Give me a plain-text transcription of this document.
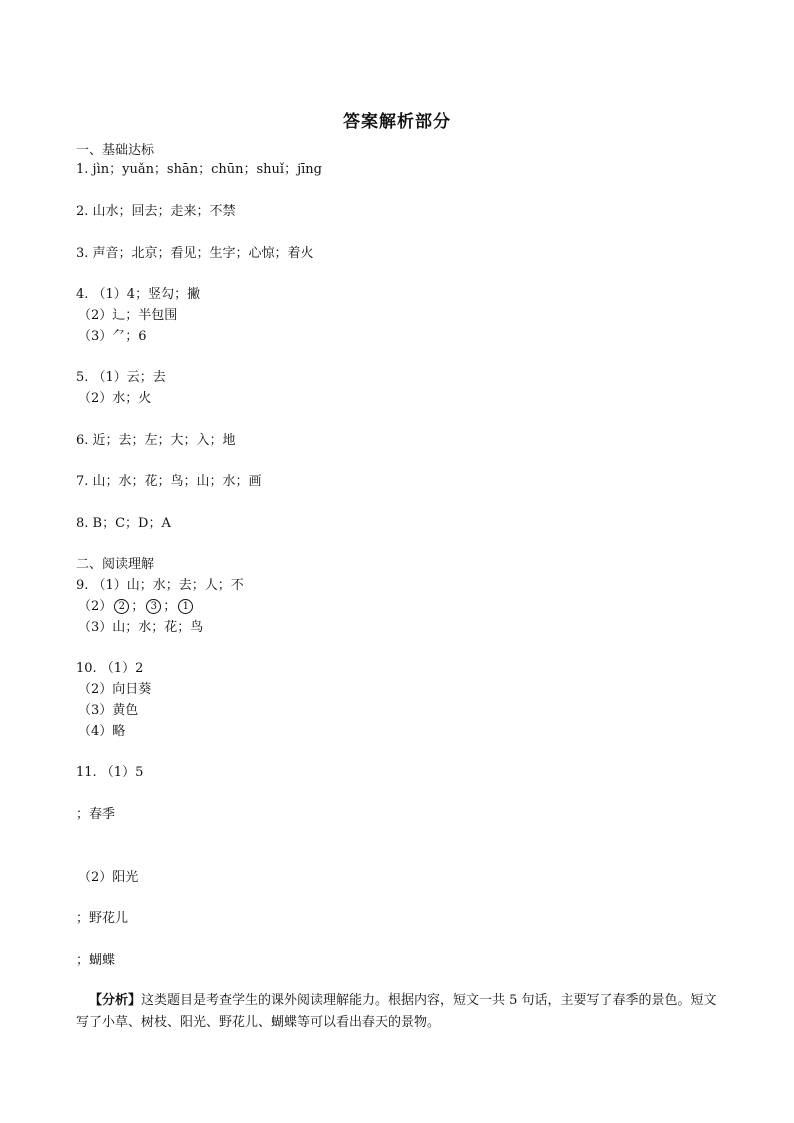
答案解析部分
一、基础达标
1. jìn；yuǎn；shān；chūn；shuǐ；jīng
2. 山水；回去；走来；不禁
3. 声音；北京；看见；生字；心惊；着火
4. （1）4；竖勾；撇
（2）辶；半包围
（3）⺈；6
5. （1）云；去
（2）水；火
6. 近；去；左；大；入；地
7. 山；水；花；鸟；山；水；画
8. B；C；D；A
二、阅读理解
9. （1）山；水；去；人；不
（2） 2 ； 3 ； 1
（3）山；水；花；鸟
10. （1）2
（2）向日葵
（3）黄色
（4）略
11. （1）5
；春季
（2）阳光
；野花儿
；蝴蝶
【分析】这类题目是考查学生的课外阅读理解能力。根据内容，短文一共 5 句话，主要写了春季的景色。短文写了小草、树枝、阳光、野花儿、蝴蝶等可以看出春天的景物。
